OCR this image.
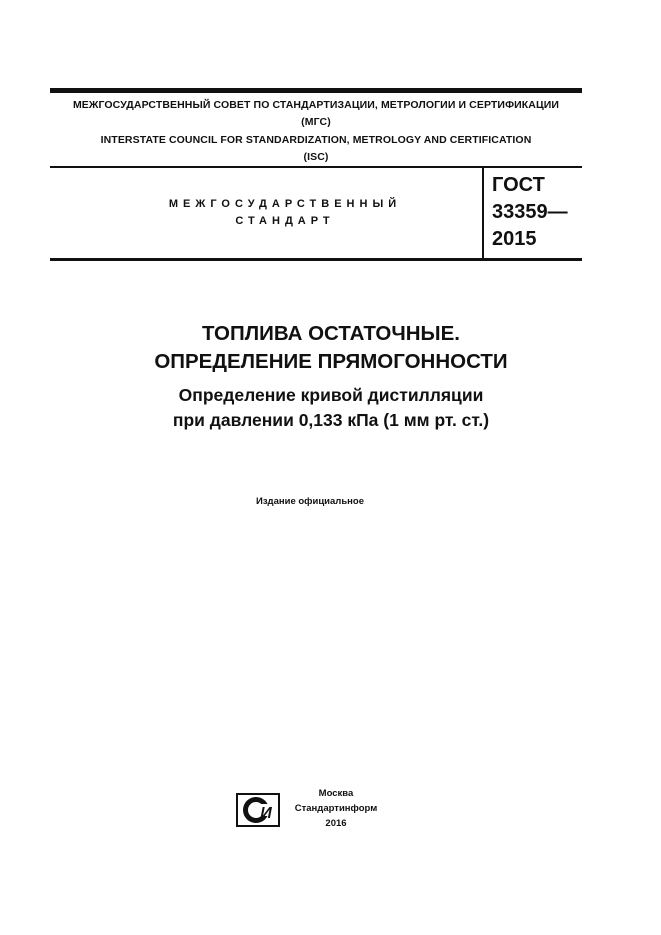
МЕЖГОСУДАРСТВЕННЫЙ СОВЕТ ПО СТАНДАРТИЗАЦИИ, МЕТРОЛОГИИ И СЕРТИФИКАЦИИ
(МГС)
INTERSTATE COUNCIL FOR STANDARDIZATION, METROLOGY AND CERTIFICATION
(ISC)
МЕЖГОСУДАРСТВЕННЫЙ
СТАНДАРТ
ГОСТ
33359—
2015
ТОПЛИВА ОСТАТОЧНЫЕ.
ОПРЕДЕЛЕНИЕ ПРЯМОГОННОСТИ
Определение кривой дистилляции
при давлении 0,133 кПа (1 мм рт. ст.)
Издание официальное
И
Москва
Стандартинформ
2016
